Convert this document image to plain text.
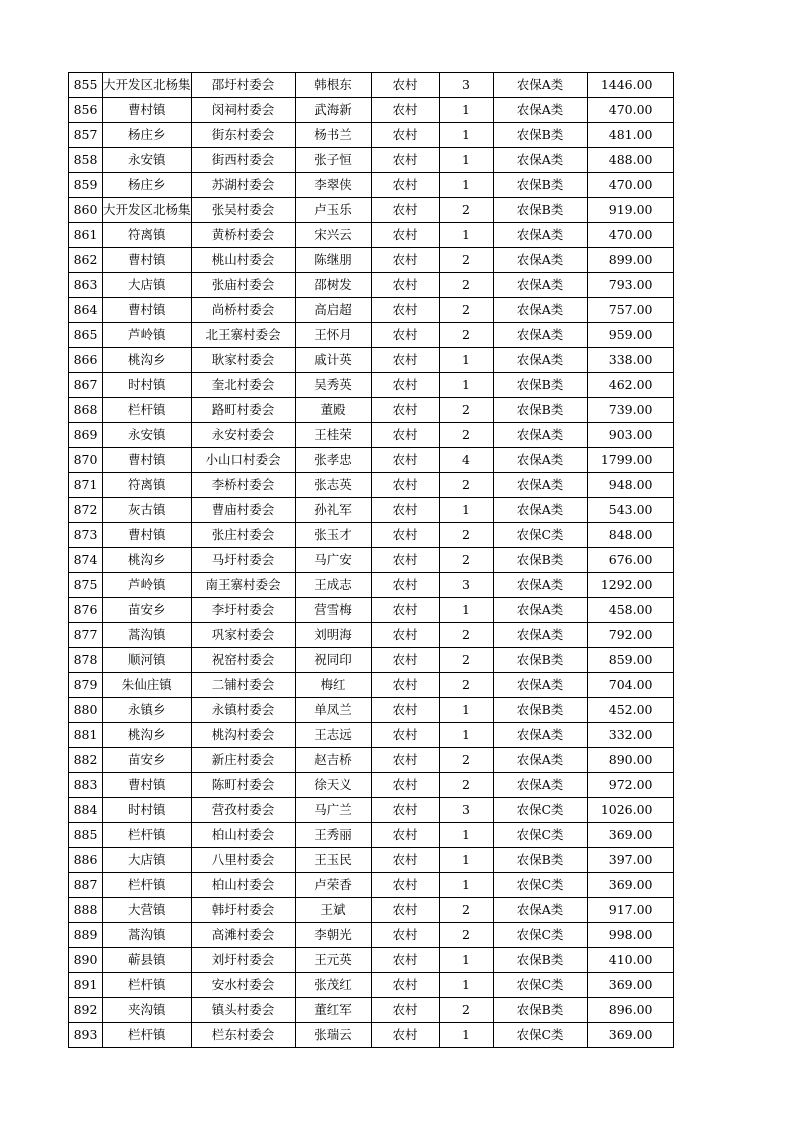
855	大开发区北杨集	邵圩村委会	韩根东	农村	3	农保A类	1446.00
856	曹村镇	闵祠村委会	武海新	农村	1	农保A类	470.00
857	杨庄乡	街东村委会	杨书兰	农村	1	农保B类	481.00
858	永安镇	街西村委会	张子恒	农村	1	农保A类	488.00
859	杨庄乡	苏湖村委会	李翠侠	农村	1	农保B类	470.00
860	大开发区北杨集	张吴村委会	卢玉乐	农村	2	农保B类	919.00
861	符离镇	黄桥村委会	宋兴云	农村	1	农保A类	470.00
862	曹村镇	桃山村委会	陈继朋	农村	2	农保A类	899.00
863	大店镇	张庙村委会	邵树发	农村	2	农保A类	793.00
864	曹村镇	尚桥村委会	高启超	农村	2	农保A类	757.00
865	芦岭镇	北王寨村委会	王怀月	农村	2	农保A类	959.00
866	桃沟乡	耿家村委会	戚计英	农村	1	农保A类	338.00
867	时村镇	奎北村委会	吴秀英	农村	1	农保B类	462.00
868	栏杆镇	路町村委会	董殿	农村	2	农保B类	739.00
869	永安镇	永安村委会	王桂荣	农村	2	农保A类	903.00
870	曹村镇	小山口村委会	张孝忠	农村	4	农保A类	1799.00
871	符离镇	李桥村委会	张志英	农村	2	农保A类	948.00
872	灰古镇	曹庙村委会	孙礼军	农村	1	农保A类	543.00
873	曹村镇	张庄村委会	张玉才	农村	2	农保C类	848.00
874	桃沟乡	马圩村委会	马广安	农村	2	农保B类	676.00
875	芦岭镇	南王寨村委会	王成志	农村	3	农保A类	1292.00
876	苗安乡	李圩村委会	营雪梅	农村	1	农保A类	458.00
877	蒿沟镇	巩家村委会	刘明海	农村	2	农保A类	792.00
878	顺河镇	祝窑村委会	祝同印	农村	2	农保B类	859.00
879	朱仙庄镇	二铺村委会	梅红	农村	2	农保A类	704.00
880	永镇乡	永镇村委会	单凤兰	农村	1	农保B类	452.00
881	桃沟乡	桃沟村委会	王志远	农村	1	农保A类	332.00
882	苗安乡	新庄村委会	赵吉桥	农村	2	农保A类	890.00
883	曹村镇	陈町村委会	徐天义	农村	2	农保A类	972.00
884	时村镇	营孜村委会	马广兰	农村	3	农保C类	1026.00
885	栏杆镇	柏山村委会	王秀丽	农村	1	农保C类	369.00
886	大店镇	八里村委会	王玉民	农村	1	农保B类	397.00
887	栏杆镇	柏山村委会	卢荣香	农村	1	农保C类	369.00
888	大营镇	韩圩村委会	王斌	农村	2	农保A类	917.00
889	蒿沟镇	高滩村委会	李朝光	农村	2	农保C类	998.00
890	蕲县镇	刘圩村委会	王元英	农村	1	农保B类	410.00
891	栏杆镇	安水村委会	张茂红	农村	1	农保C类	369.00
892	夹沟镇	镇头村委会	董红军	农村	2	农保B类	896.00
893	栏杆镇	栏东村委会	张瑞云	农村	1	农保C类	369.00
